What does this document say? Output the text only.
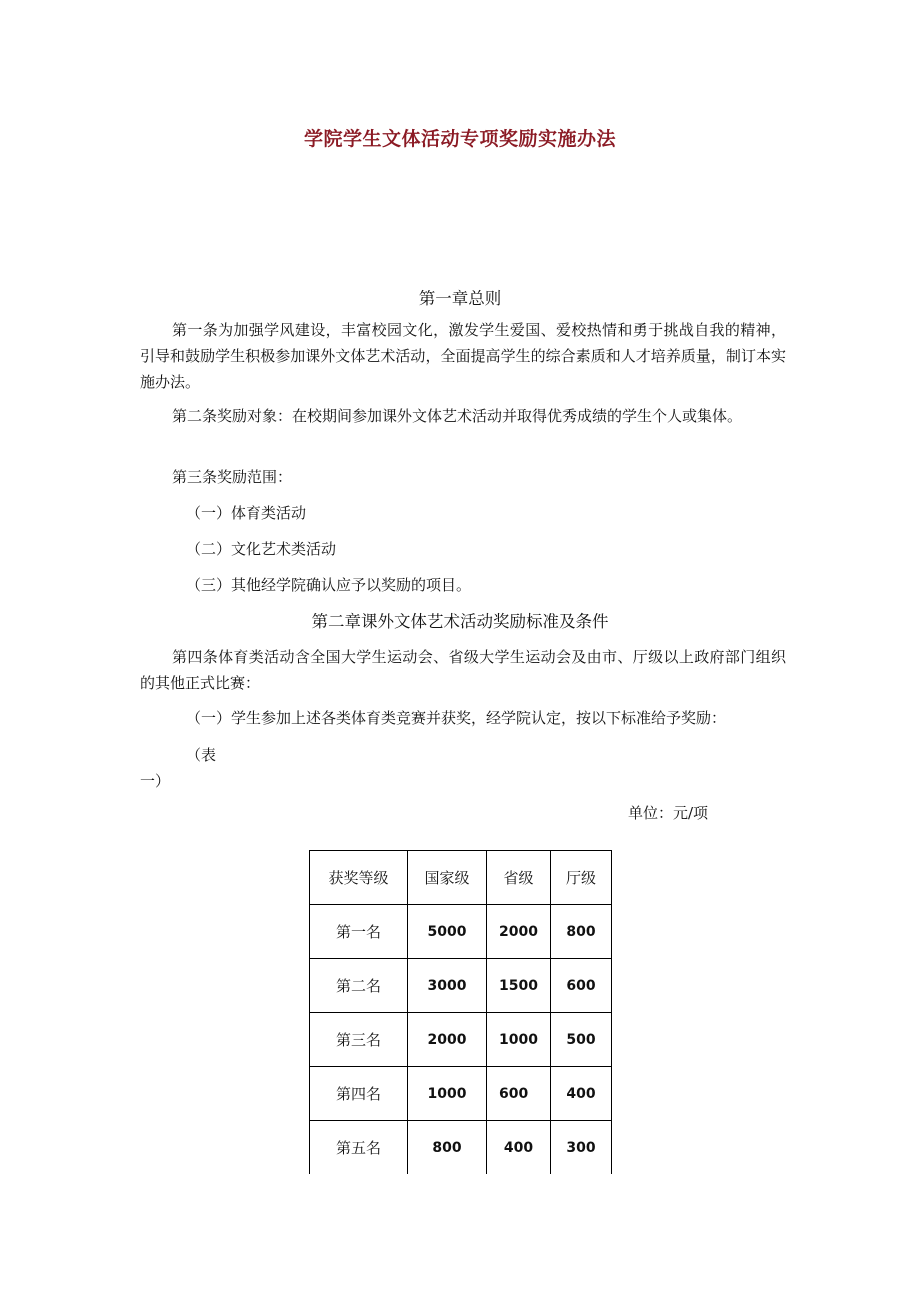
学院学生文体活动专项奖励实施办法
第一章总则
第一条为加强学风建设，丰富校园文化，激发学生爱国、爱校热情和勇于挑战自我的精神，引导和鼓励学生积极参加课外文体艺术活动，全面提高学生的综合素质和人才培养质量，制订本实施办法。
第二条奖励对象：在校期间参加课外文体艺术活动并取得优秀成绩的学生个人或集体。
第三条奖励范围：
（一）体育类活动
（二）文化艺术类活动
（三）其他经学院确认应予以奖励的项目。
第二章课外文体艺术活动奖励标准及条件
第四条体育类活动含全国大学生运动会、省级大学生运动会及由市、厅级以上政府部门组织的其他正式比赛：
（一）学生参加上述各类体育类竞赛并获奖，经学院认定，按以下标准给予奖励：
（表
一）
单位：元/项
获奖等级	国家级	省级	厅级
第一名	5000	2000	800
第二名	3000	1500	600
第三名	2000	1000	500
第四名	1000	600	400
第五名	800	400	300
